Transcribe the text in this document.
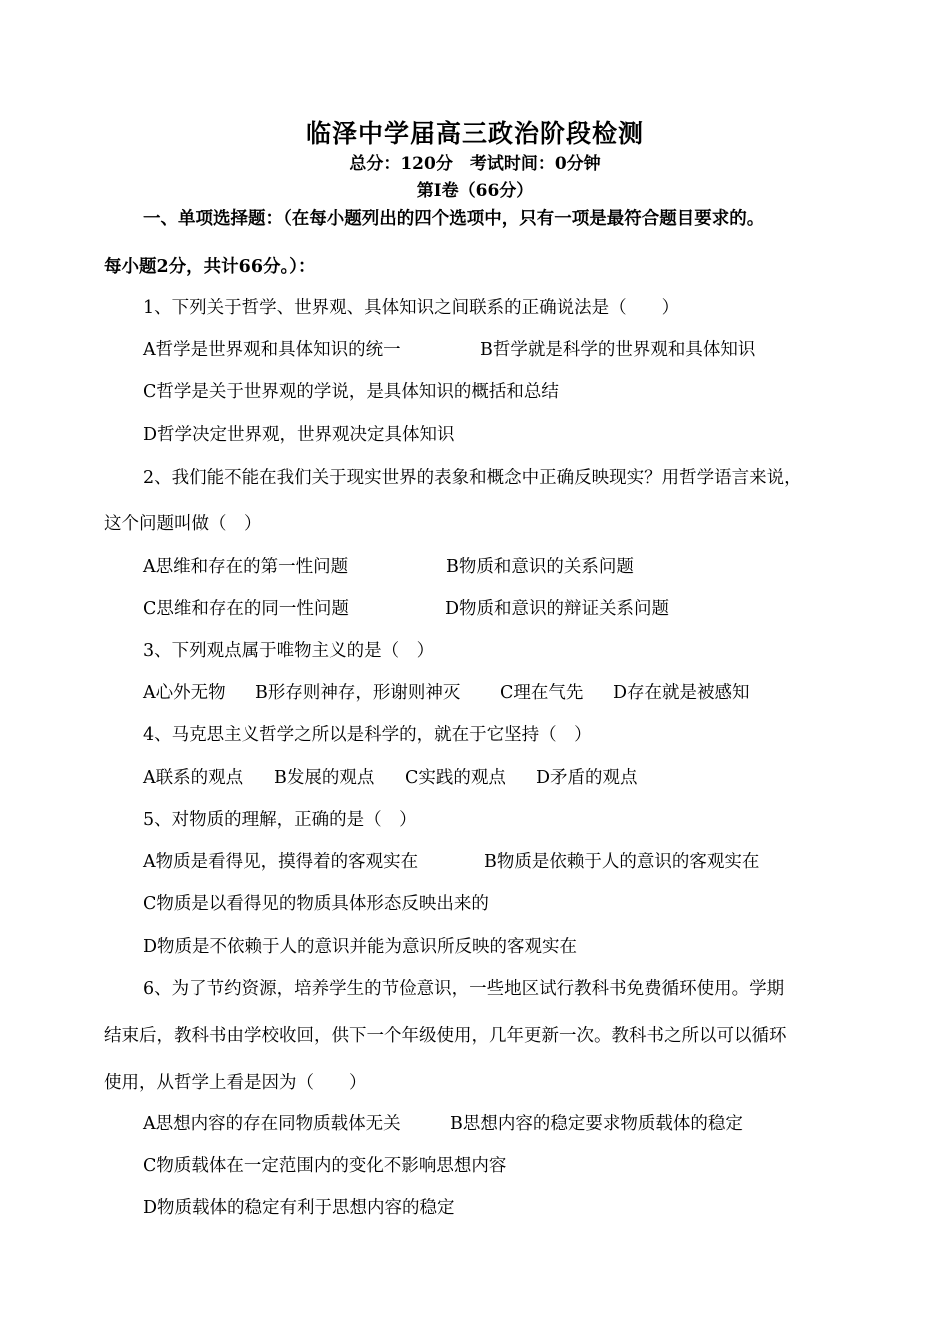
临泽中学届高三政治阶段检测
总分：120分　考试时间：0分钟
第Ⅰ卷（66分）
一、单项选择题：（在每小题列出的四个选项中，只有一项是最符合题目要求的。
每小题2分，共计66分。）：
1、下列关于哲学、世界观、具体知识之间联系的正确说法是（　　）
A哲学是世界观和具体知识的统一	B哲学就是科学的世界观和具体知识
C哲学是关于世界观的学说，是具体知识的概括和总结
D哲学决定世界观，世界观决定具体知识
2、我们能不能在我们关于现实世界的表象和概念中正确反映现实？用哲学语言来说，
这个问题叫做（　）
A思维和存在的第一性问题	B物质和意识的关系问题
C思维和存在的同一性问题	D物质和意识的辩证关系问题
3、下列观点属于唯物主义的是（　）
A心外无物 B形存则神存，形谢则神灭 C理在气先 D存在就是被感知
4、马克思主义哲学之所以是科学的，就在于它坚持（　）
A联系的观点 B发展的观点 C实践的观点 D矛盾的观点
5、对物质的理解，正确的是（　）
A物质是看得见，摸得着的客观实在	B物质是依赖于人的意识的客观实在
C物质是以看得见的物质具体形态反映出来的
D物质是不依赖于人的意识并能为意识所反映的客观实在
6、为了节约资源，培养学生的节俭意识，一些地区试行教科书免费循环使用。学期
结束后，教科书由学校收回，供下一个年级使用，几年更新一次。教科书之所以可以循环
使用，从哲学上看是因为（　　）
A思想内容的存在同物质载体无关	B思想内容的稳定要求物质载体的稳定
C物质载体在一定范围内的变化不影响思想内容
D物质载体的稳定有利于思想内容的稳定
